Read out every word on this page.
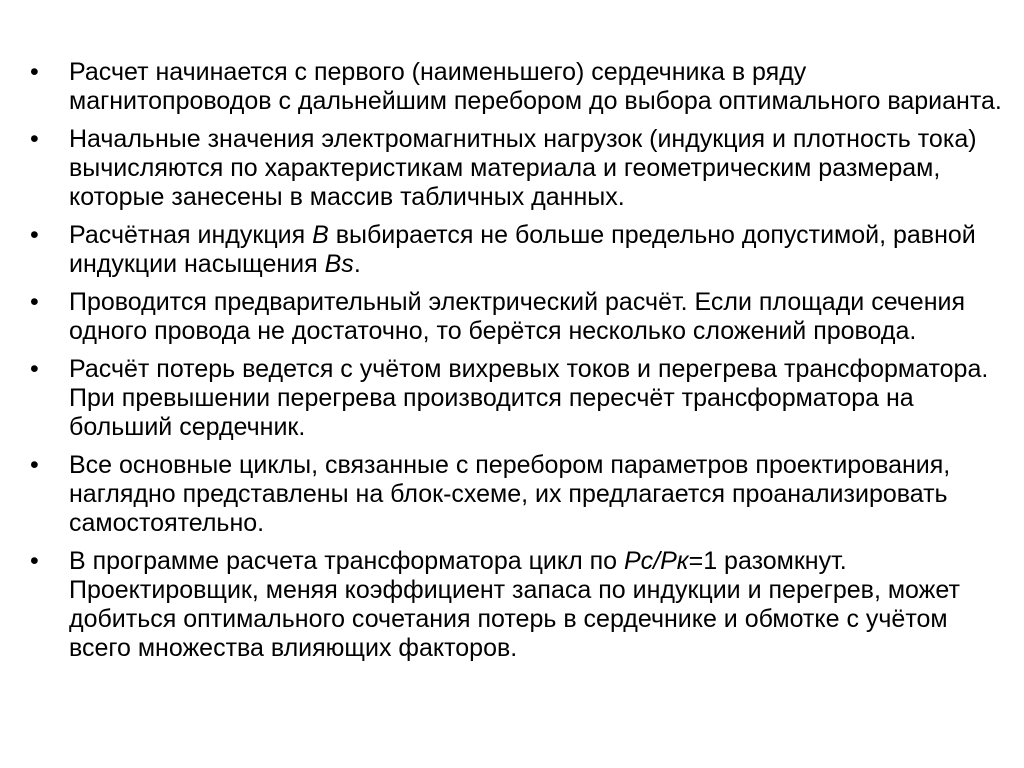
• Расчет начинается с первого (наименьшего) сердечника в ряду магнитопроводов с дальнейшим перебором до выбора оптимального варианта.
• Начальные значения электромагнитных нагрузок (индукция и плотность тока) вычисляются по характеристикам материала и геометрическим размерам, которые занесены в массив табличных данных.
• Расчётная индукция B выбирается не больше предельно допустимой, равной индукции насыщения Bs.
• Проводится предварительный электрический расчёт. Если площади сечения одного провода не достаточно, то берётся несколько сложений провода.
• Расчёт потерь ведется с учётом вихревых токов и перегрева трансформатора. При превышении перегрева производится пересчёт трансформатора на больший сердечник.
• Все основные циклы, связанные с перебором параметров проектирования, наглядно представлены на блок-схеме, их предлагается проанализировать самостоятельно.
• В программе расчета трансформатора цикл по Pc/Pк=1 разомкнут. Проектировщик, меняя коэффициент запаса по индукции и перегрев, может добиться оптимального сочетания потерь в сердечнике и обмотке с учётом всего множества влияющих факторов.
